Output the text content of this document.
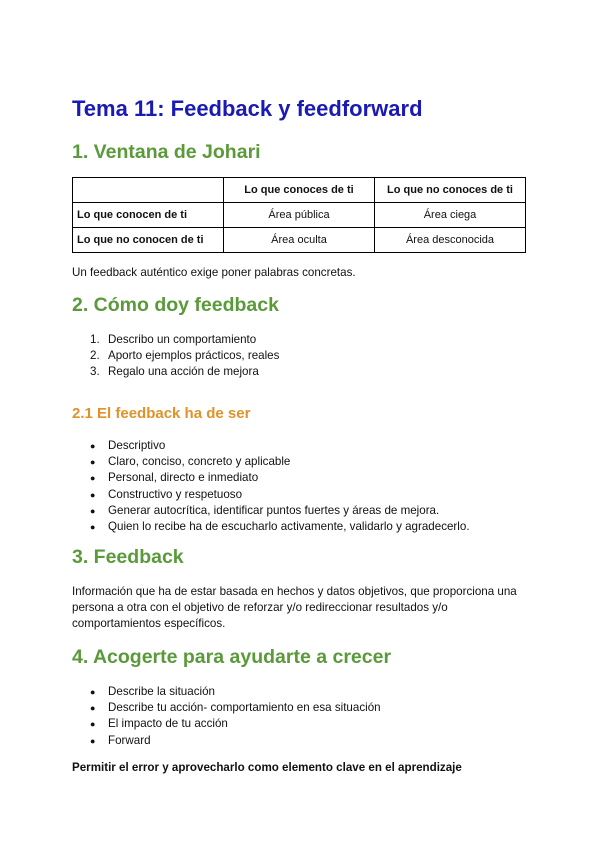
Tema 11: Feedback y feedforward
1. Ventana de Johari
	Lo que conoces de ti	Lo que no conoces de ti
Lo que conocen de ti	Área pública	Área ciega
Lo que no conocen de ti	Área oculta	Área desconocida

Un feedback auténtico exige poner palabras concretas.

2. Cómo doy feedback
1. Describo un comportamiento
2. Aporto ejemplos prácticos, reales
3. Regalo una acción de mejora
2.1 El feedback ha de ser
● Descriptivo
● Claro, conciso, concreto y aplicable
● Personal, directo e inmediato
● Constructivo y respetuoso
● Generar autocrítica, identificar puntos fuertes y áreas de mejora.
● Quien lo recibe ha de escucharlo activamente, validarlo y agradecerlo.
3. Feedback

Información que ha de estar basada en hechos y datos objetivos, que proporciona una persona a otra con el objetivo de reforzar y/o redireccionar resultados y/o comportamientos específicos.

4. Acogerte para ayudarte a crecer
● Describe la situación
● Describe tu acción- comportamiento en esa situación
● El impacto de tu acción
● Forward

Permitir el error y aprovecharlo como elemento clave en el aprendizaje
